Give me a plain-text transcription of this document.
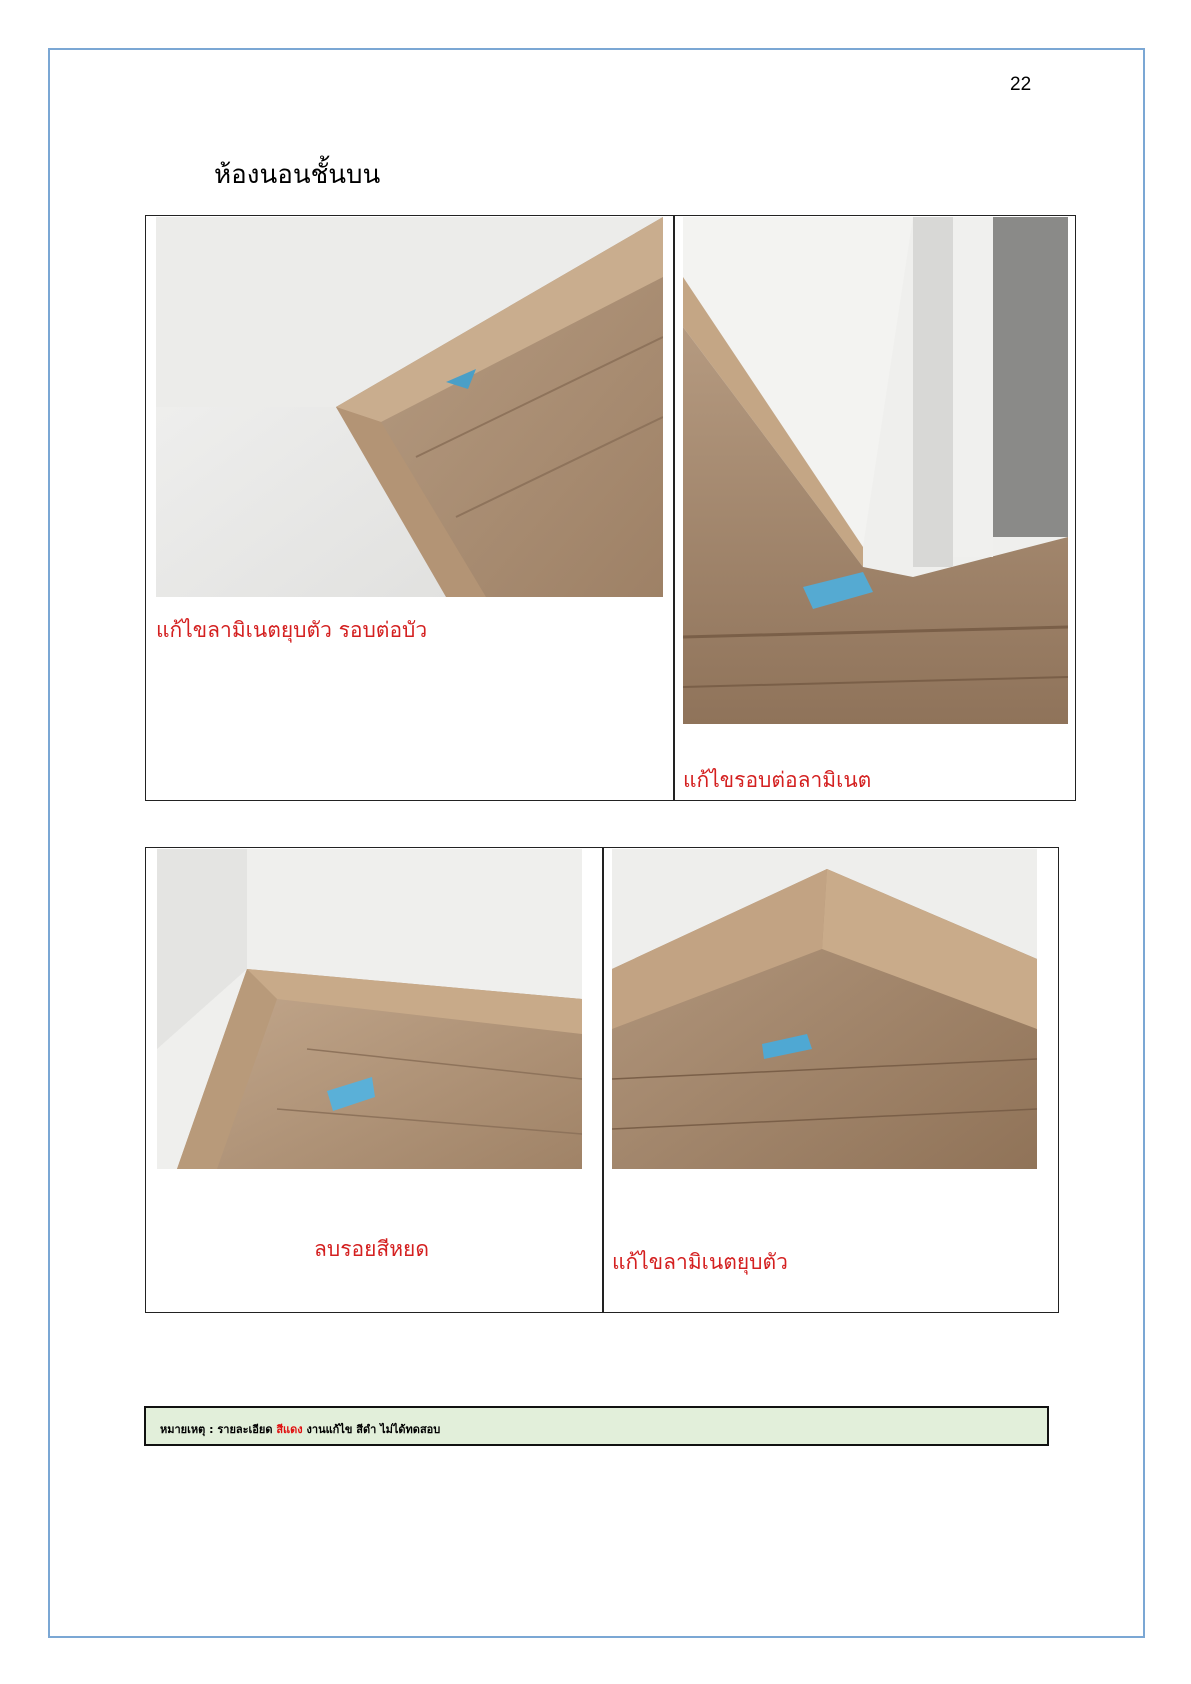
22
ห้องนอนชั้นบน
แก้ไขลามิเนตยุบตัว รอบต่อบัว
แก้ไขรอบต่อลามิเนต
ลบรอยสีหยด
แก้ไขลามิเนตยุบตัว
หมายเหตุ : รายละเอียด สีแดง งานแก้ไข สีดำ ไม่ได้ทดสอบ
